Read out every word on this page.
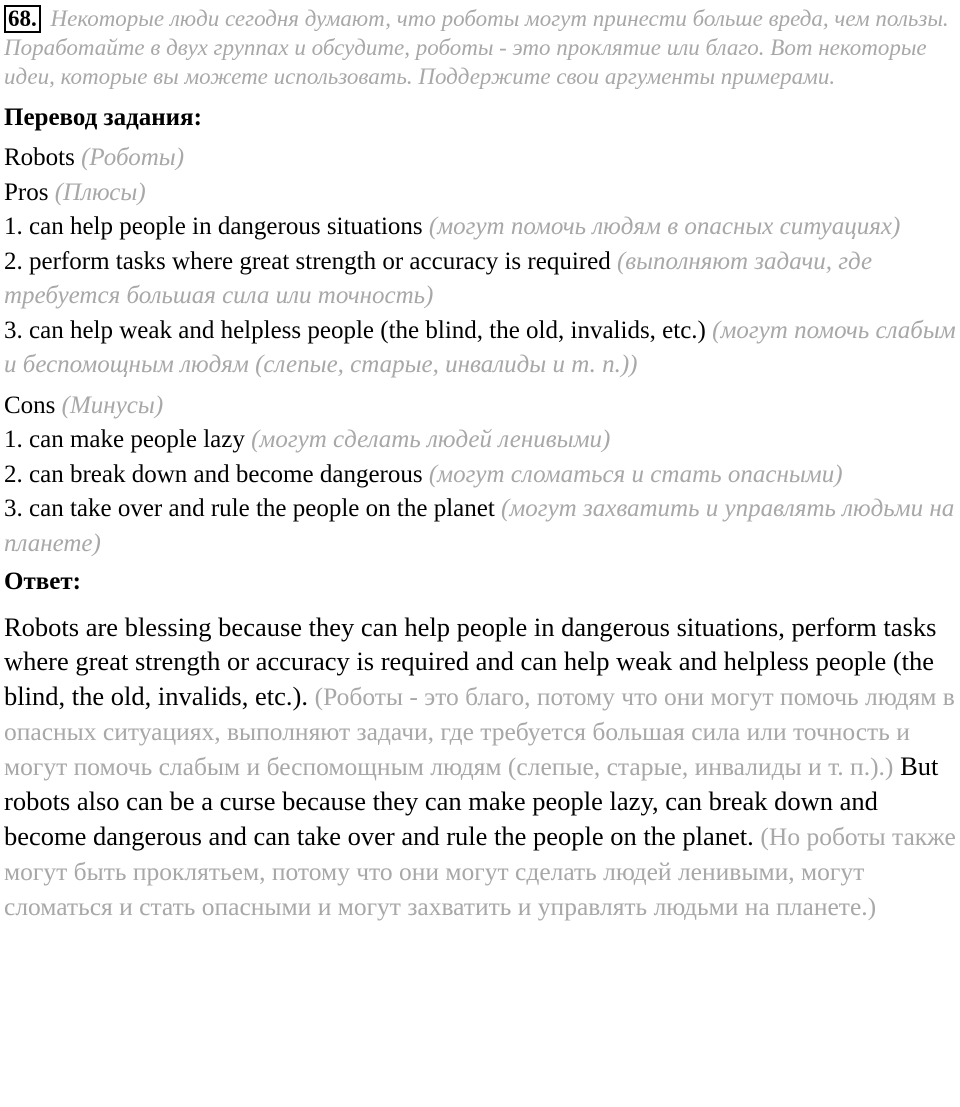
68. Некоторые люди сегодня думают, что роботы могут принести больше вреда, чем пользы. Поработайте в двух группах и обсудите, роботы - это проклятие или благо. Вот некоторые идеи, которые вы можете использовать. Поддержите свои аргументы примерами.
Перевод задания:
Robots (Роботы)
Pros (Плюсы)
1. can help people in dangerous situations (могут помочь людям в опасных ситуациях)
2. perform tasks where great strength or accuracy is required (выполняют задачи, где требуется большая сила или точность)
3. can help weak and helpless people (the blind, the old, invalids, etc.) (могут помочь слабым и беспомощным людям (слепые, старые, инвалиды и т. п.))
Cons (Минусы)
1. can make people lazy (могут сделать людей ленивыми)
2. can break down and become dangerous (могут сломаться и стать опасными)
3. can take over and rule the people on the planet (могут захватить и управлять людьми на планете)
Ответ:
Robots are blessing because they can help people in dangerous situations, perform tasks where great strength or accuracy is required and can help weak and helpless people (the blind, the old, invalids, etc.). (Роботы - это благо, потому что они могут помочь людям в опасных ситуациях, выполняют задачи, где требуется большая сила или точность и могут помочь слабым и беспомощным людям (слепые, старые, инвалиды и т. п.).) But robots also can be a curse because they can make people lazy, can break down and become dangerous and can take over and rule the people on the planet. (Но роботы также могут быть проклятьем, потому что они могут сделать людей ленивыми, могут сломаться и стать опасными и могут захватить и управлять людьми на планете.)
